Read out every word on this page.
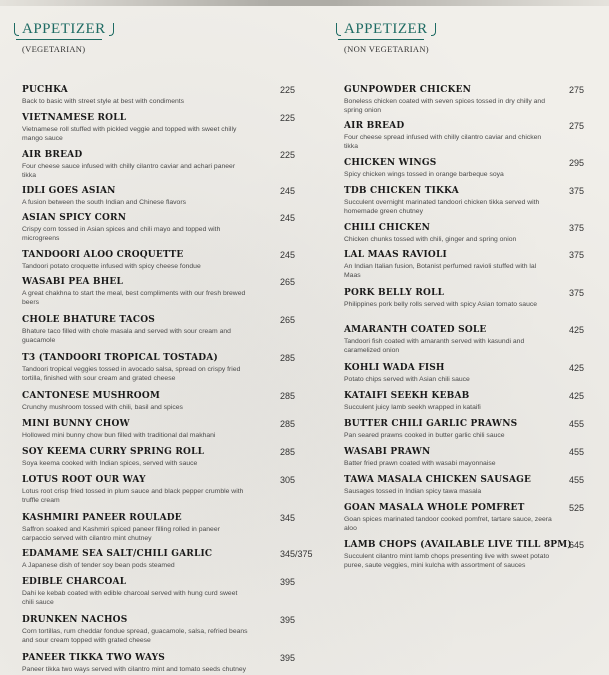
APPETIZER
(VEGETARIAN)
PUCHKA
Back to basic with street style at best with condiments
225
VIETNAMESE ROLL
Vietnamese roll stuffed with pickled veggie and topped with sweet chilly mango sauce
225
AIR BREAD
Four cheese sauce infused with chilly cilantro caviar and achari paneer tikka
225
IDLI GOES ASIAN
A fusion between the south Indian and Chinese flavors
245
ASIAN SPICY CORN
Crispy corn tossed in Asian spices and chili mayo and topped with microgreens
245
TANDOORI ALOO CROQUETTE
Tandoori potato croquette infused with spicy cheese fondue
245
WASABI PEA BHEL
A great chakhna to start the meal, best compliments with our fresh brewed beers
265
CHOLE BHATURE TACOS
Bhature taco filled with chole masala and served with sour cream and guacamole
265
T3 (TANDOORI TROPICAL TOSTADA)
Tandoori tropical veggies tossed in avocado salsa, spread on crispy fried tortilla, finished with sour cream and grated cheese
285
CANTONESE MUSHROOM
Crunchy mushroom tossed with chili, basil and spices
285
MINI BUNNY CHOW
Hollowed mini bunny chow bun filled with traditional dal makhani
285
SOY KEEMA CURRY SPRING ROLL
Soya keema cooked with Indian spices, served with sauce
285
LOTUS ROOT OUR WAY
Lotus root crisp fried tossed in plum sauce and black pepper crumble with truffle cream
305
KASHMIRI PANEER ROULADE
Saffron soaked and Kashmiri spiced paneer filling rolled in paneer carpaccio served with cilantro mint chutney
345
EDAMAME SEA SALT/CHILI GARLIC
A Japanese dish of tender soy bean pods steamed
345/375
EDIBLE CHARCOAL
Dahi ke kebab coated with edible charcoal served with hung curd sweet chili sauce
395
DRUNKEN NACHOS
Corn tortillas, rum cheddar fondue spread, guacamole, salsa, refried beans and sour cream topped with grated cheese
395
PANEER TIKKA TWO WAYS
Paneer tikka two ways served with cilantro mint and tomato seeds chutney
395
APPETIZER
(NON VEGETARIAN)
GUNPOWDER CHICKEN
Boneless chicken coated with seven spices tossed in dry chilly and spring onion
275
AIR BREAD
Four cheese spread infused with chilly cilantro caviar and chicken tikka
275
CHICKEN WINGS
Spicy chicken wings tossed in orange barbeque soya
295
TDB CHICKEN TIKKA
Succulent overnight marinated tandoori chicken tikka served with homemade green chutney
375
CHILI CHICKEN
Chicken chunks tossed with chili, ginger and spring onion
375
LAL MAAS RAVIOLI
An Indian Italian fusion, Botanist perfumed ravioli stuffed with lal Maas
375
PORK BELLY ROLL
Philippines pork belly rolls served with spicy Asian tomato sauce
375
AMARANTH COATED SOLE
Tandoori fish coated with amaranth served with kasundi and caramelized onion
425
KOHLI WADA FISH
Potato chips served with Asian chili sauce
425
KATAIFI SEEKH KEBAB
Succulent juicy lamb seekh wrapped in kataifi
425
BUTTER CHILI GARLIC PRAWNS
Pan seared prawns cooked in butter garlic chili sauce
455
WASABI PRAWN
Batter fried prawn coated with wasabi mayonnaise
455
TAWA MASALA CHICKEN SAUSAGE
Sausages tossed in Indian spicy tawa masala
455
GOAN MASALA WHOLE POMFRET
Goan spices marinated tandoor cooked pomfret, tartare sauce, zeera aloo
525
LAMB CHOPS (AVAILABLE LIVE TILL 8PM)
Succulent cilantro mint lamb chops presenting live with sweet potato puree, saute veggies, mini kulcha with assortment of sauces
645
